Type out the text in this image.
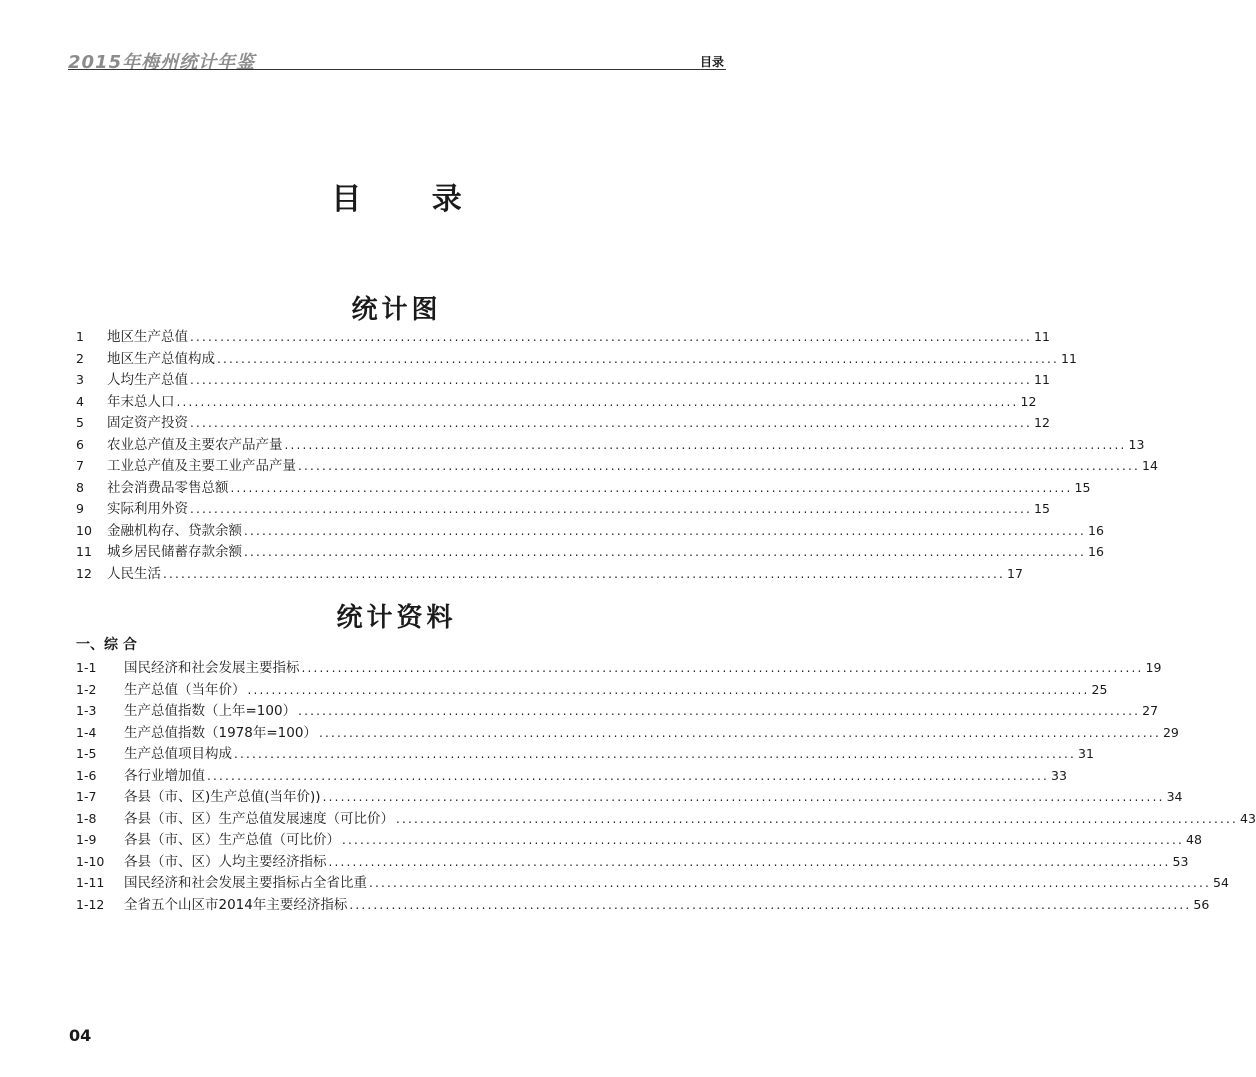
2015年梅州统计年鉴	目录
目 录
统计图
1	地区生产总值 ............................................................................................................................................ 11
2	地区生产总值构成 ............................................................................................................................................ 11
3	人均生产总值 ............................................................................................................................................ 11
4	年末总人口 ............................................................................................................................................ 12
5	固定资产投资 ............................................................................................................................................ 12
6	农业总产值及主要农产品产量 ............................................................................................................................................ 13
7	工业总产值及主要工业产品产量 ............................................................................................................................................ 14
8	社会消费品零售总额 ............................................................................................................................................ 15
9	实际利用外资 ............................................................................................................................................ 15
10	金融机构存、贷款余额 ............................................................................................................................................ 16
11	城乡居民储蓄存款余额 ............................................................................................................................................ 16
12	人民生活 ............................................................................................................................................ 17
统计资料
一、综 合
1-1	国民经济和社会发展主要指标 ............................................................................................................................................ 19
1-2	生产总值（当年价） ............................................................................................................................................ 25
1-3	生产总值指数（上年=100） ............................................................................................................................................ 27
1-4	生产总值指数（1978年=100） ............................................................................................................................................ 29
1-5	生产总值项目构成 ............................................................................................................................................ 31
1-6	各行业增加值 ............................................................................................................................................ 33
1-7	各县（市、区)生产总值(当年价)) ............................................................................................................................................ 34
1-8	各县（市、区）生产总值发展速度（可比价） ............................................................................................................................................ 43
1-9	各县（市、区）生产总值（可比价） ............................................................................................................................................ 48
1-10	各县（市、区）人均主要经济指标 ............................................................................................................................................ 53
1-11	国民经济和社会发展主要指标占全省比重 ............................................................................................................................................ 54
1-12	全省五个山区市2014年主要经济指标 ............................................................................................................................................ 56
04
